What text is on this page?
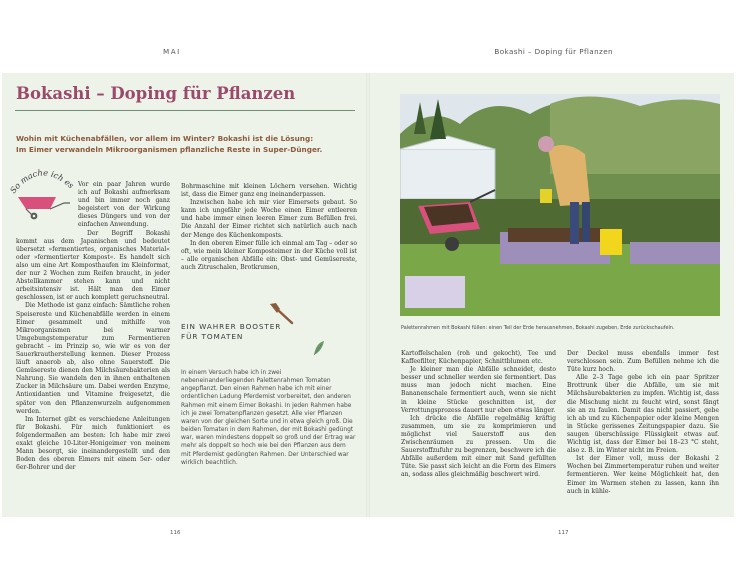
MAI	Bokashi – Doping für Pflanzen
Bokashi – Doping für Pflanzen

Wohin mit Küchenabfällen, vor allem im Winter? Bokashi ist die Lösung:
Im Eimer verwandeln Mikroorganismen pflanzliche Reste in Super-Dünger.

So mache ich es Vor ein paar Jahren wurde ich auf Bokashi aufmerksam und bin immer noch ganz begeistert von der Wirkung dieses Düngers und von der einfachen Anwendung.

Der Begriff Bokashi kommt aus dem Japanischen und bedeutet übersetzt »fermentiertes, organisches Material« oder »fermentierter Kompost«. Es handelt sich also um eine Art Komposthaufen im Kleinformat, der nur 2 Wochen zum Reifen braucht, in jeder Abstellkammer stehen kann und nicht arbeitsintensiv ist. Hält man den Eimer geschlossen, ist er auch komplett geruchsneutral.

Die Methode ist ganz einfach: Sämtliche rohen Speisereste und Küchenabfälle werden in einem Eimer gesammelt und mithilfe von Mikroorganismen bei warmer Umgebungstemperatur zum Fermentieren gebracht – im Prinzip so, wie wir es von der Sauerkrautherstellung kennen. Dieser Prozess läuft anaerob ab, also ohne Sauerstoff. Die Gemüsereste dienen den Milchsäurebakterien als Nahrung. Sie wandeln den in ihnen enthaltenen Zucker in Milchsäure um. Dabei werden Enzyme, Antioxidantien und Vitamine freigesetzt, die später von den Pflanzenwurzeln aufgenommen werden.

Im Internet gibt es verschiedene Anleitungen für Bokashi. Für mich funktioniert es folgendermaßen am besten: Ich habe mir zwei exakt gleiche 10-Liter-Honigeimer von meinem Mann besorgt, sie ineinandergestellt und den Boden des oberen Eimers mit einem 5er- oder 6er-Bohrer und der

Bohrmaschine mit kleinen Löchern versehen. Wichtig ist, dass die Eimer ganz eng ineinanderpassen.

Inzwischen habe ich mir vier Eimersets gebaut. So kann ich ungefähr jede Woche einen Eimer entleeren und habe immer einen leeren Eimer zum Befüllen frei. Die Anzahl der Eimer richtet sich natürlich auch nach der Menge des Küchenkomposts.

In den oberen Eimer fülle ich einmal am Tag – oder so oft, wie mein kleiner Komposteimer in der Küche voll ist – alle organischen Abfälle ein: Obst- und Gemüsereste, auch Zitruschalen, Brotkrumen,

EIN WAHRER BOOSTER
FÜR TOMATEN
In einem Versuch habe ich in zwei nebeneinanderliegenden Palettenrahmen Tomaten angepflanzt. Den einen Rahmen habe ich mit einer ordentlichen Ladung Pferdemist vorbereitet, den anderen Rahmen mit einem Eimer Bokashi. In jeden Rahmen habe ich je zwei Tomatenpflanzen gesetzt. Alle vier Pflanzen waren von der gleichen Sorte und in etwa gleich groß. Die beiden Tomaten in dem Rahmen, der mit Bokashi gedüngt war, waren mindestens doppelt so groß und der Ertrag war mehr als doppelt so hoch wie bei den Pflanzen aus dem mit Pferdemist gedüngten Rahmen. Der Unterschied war wirklich beachtlich.

Palettenrahmen mit Bokashi füllen: einen Teil der Erde herausnehmen, Bokashi zugeben, Erde zurückschaufeln.

Kartoffelschalen (roh und gekocht), Tee und Kaffeefilter, Küchenpapier, Schnittblumen etc.

Je kleiner man die Abfälle schneidet, desto besser und schneller werden sie fermentiert. Das muss man jedoch nicht machen. Eine Bananenschale fermentiert auch, wenn sie nicht in kleine Stücke geschnitten ist, der Verrottungsprozess dauert nur eben etwas länger.

Ich drücke die Abfälle regelmäßig kräftig zusammen, um sie zu komprimieren und möglichst viel Sauerstoff aus den Zwischenräumen zu pressen. Um die Sauerstoffzufuhr zu begrenzen, beschwere ich die Abfälle außerdem mit einer mit Sand gefüllten Tüte. Sie passt sich leicht an die Form des Eimers an, sodass alles gleichmäßig beschwert wird.

Der Deckel muss ebenfalls immer fest verschlossen sein. Zum Befüllen nehme ich die Tüte kurz hoch.

Alle 2–3 Tage gebe ich ein paar Spritzer Brottrunk über die Abfälle, um sie mit Milchsäurebakterien zu impfen. Wichtig ist, dass die Mischung nicht zu feucht wird, sonst fängt sie an zu faulen. Damit das nicht passiert, gebe ich ab und zu Küchenpapier oder kleine Mengen in Stücke gerissenes Zeitungspapier dazu. Sie saugen überschüssige Flüssigkeit etwas auf. Wichtig ist, dass der Eimer bei 18–23 °C steht, also z. B. im Winter nicht im Freien.

Ist der Eimer voll, muss der Bokashi 2 Wochen bei Zimmertemperatur ruhen und weiter fermentieren. Wer keine Möglichkeit hat, den Eimer im Warmen stehen zu lassen, kann ihn auch in kühle-

116	117
